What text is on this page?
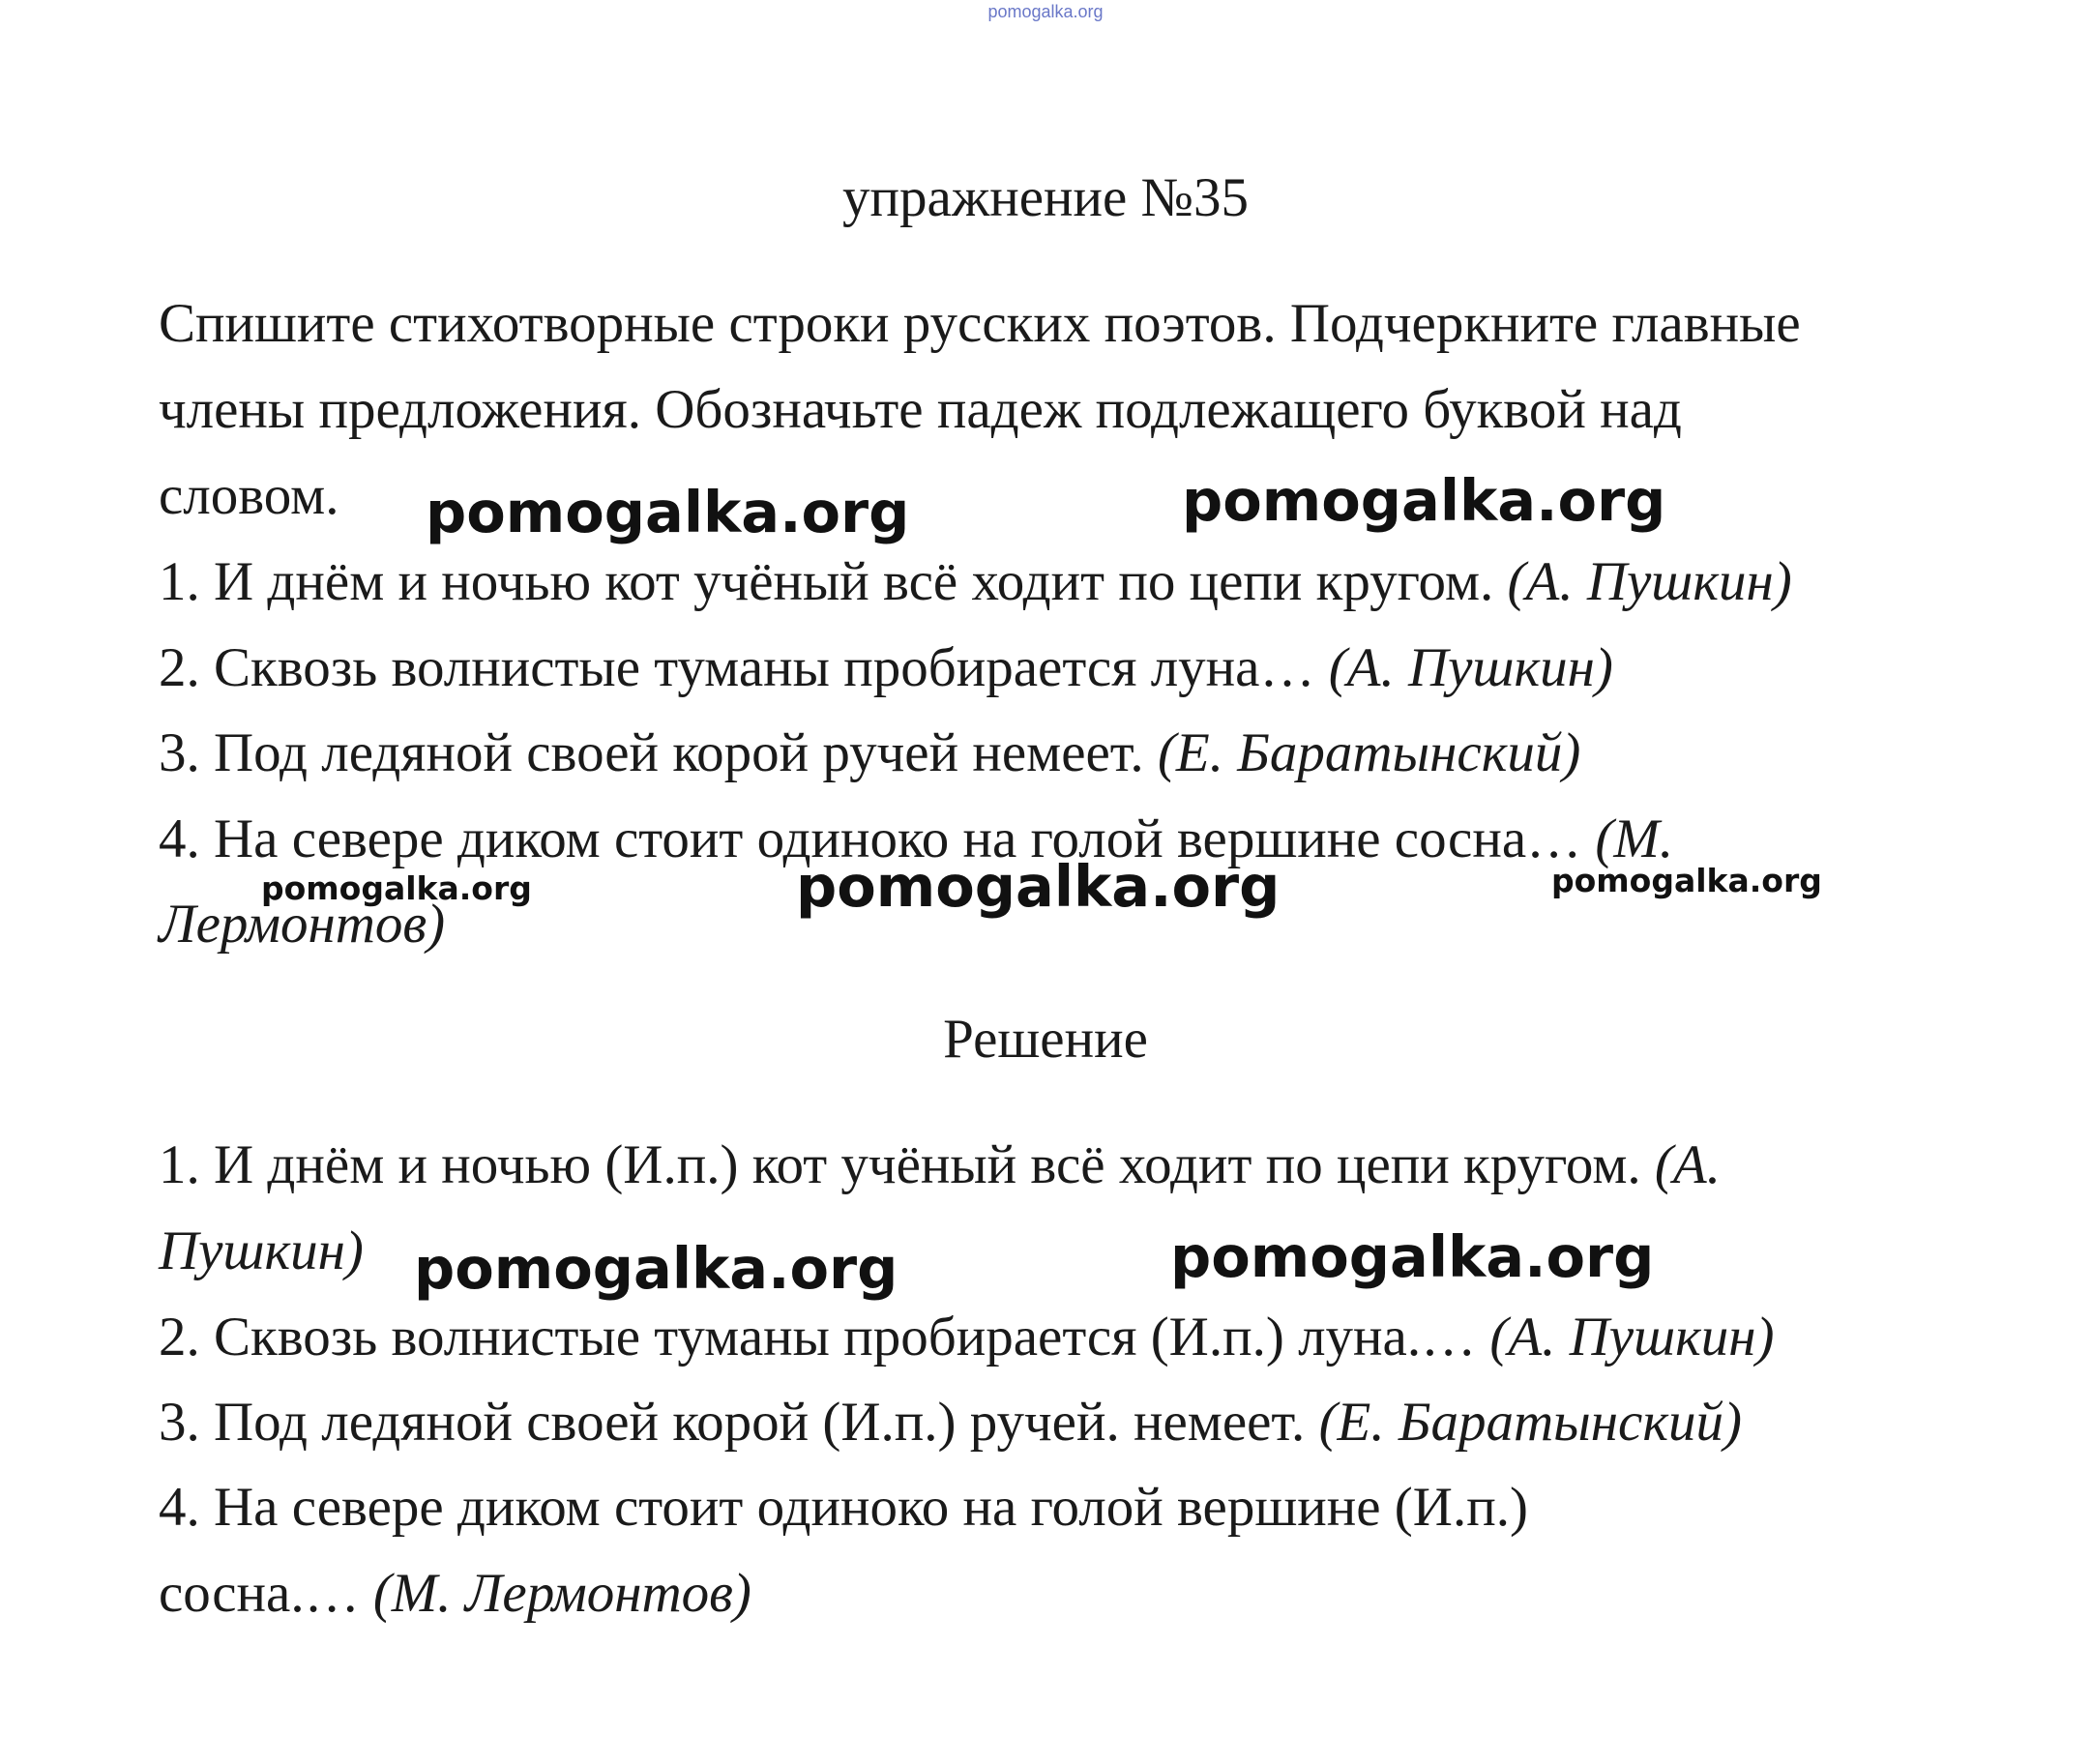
pomogalka.org
упражнение №35
Спишите стихотворные строки русских поэтов. Подчеркните главные
члены предложения. Обозначьте падеж подлежащего буквой над
словом.
1. И днём и ночью кот учёный всё ходит по цепи кругом. (А. Пушкин)
2. Сквозь волнистые туманы пробирается луна… (А. Пушкин)
3. Под ледяной своей корой ручей немеет. (Е. Баратынский)
4. На севере диком стоит одиноко на голой вершине сосна… (М.
Лермонтов)
Решение
1. И днём и ночью (И.п.) кот учёный всё ходит по цепи кругом. (А.
Пушкин)
2. Сквозь волнистые туманы пробирается (И.п.) луна.… (А. Пушкин)
3. Под ледяной своей корой (И.п.) ручей. немеет. (Е. Баратынский)
4. На севере диком стоит одиноко на голой вершине (И.п.)
сосна.… (М. Лермонтов)
pomogalka.org	pomogalka.org
pomogalka.org	pomogalka.org	pomogalka.org
pomogalka.org	pomogalka.org
